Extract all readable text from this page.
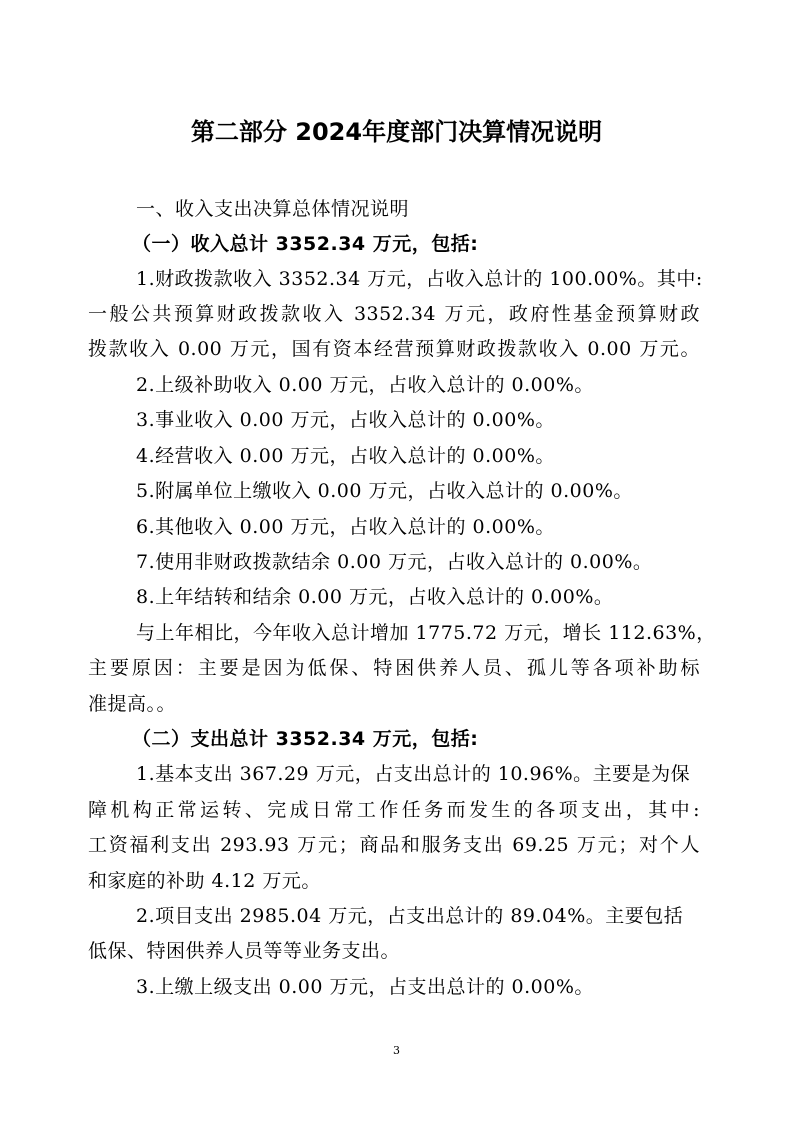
第二部分 2024年度部门决算情况说明
一、收入支出决算总体情况说明
（一）收入总计 3352.34 万元，包括:
1.财政拨款收入 3352.34 万元，占收入总计的 100.00%。其中:
一般公共预算财政拨款收入 3352.34 万元，政府性基金预算财政
拨款收入 0.00 万元，国有资本经营预算财政拨款收入 0.00 万元。
2.上级补助收入 0.00 万元，占收入总计的 0.00%。
3.事业收入 0.00 万元，占收入总计的 0.00%。
4.经营收入 0.00 万元，占收入总计的 0.00%。
5.附属单位上缴收入 0.00 万元，占收入总计的 0.00%。
6.其他收入 0.00 万元，占收入总计的 0.00%。
7.使用非财政拨款结余 0.00 万元，占收入总计的 0.00%。
8.上年结转和结余 0.00 万元，占收入总计的 0.00%。
与上年相比，今年收入总计增加 1775.72 万元，增长 112.63%，
主要原因：主要是因为低保、特困供养人员、孤儿等各项补助标
准提高。。
（二）支出总计 3352.34 万元，包括:
1.基本支出 367.29 万元，占支出总计的 10.96%。主要是为保
障机构正常运转、完成日常工作任务而发生的各项支出，其中:
工资福利支出 293.93 万元；商品和服务支出 69.25 万元；对个人
和家庭的补助 4.12 万元。
2.项目支出 2985.04 万元，占支出总计的 89.04%。主要包括
低保、特困供养人员等等业务支出。
3.上缴上级支出 0.00 万元，占支出总计的 0.00%。
3
